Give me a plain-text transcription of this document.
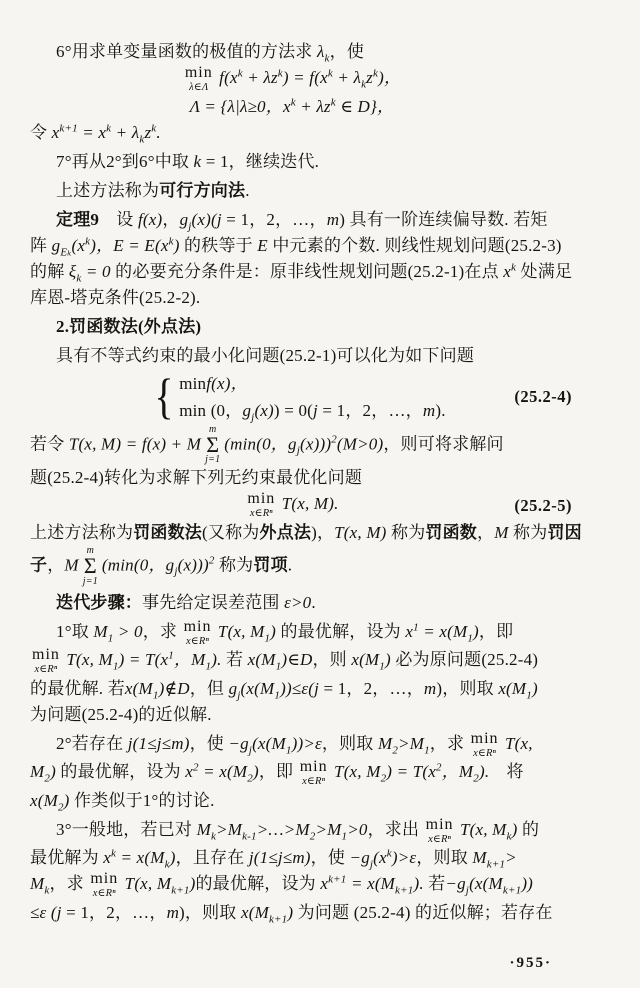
6°用求单变量函数的极值的方法求 $\lambda_k$，使
min
λ∈Λ
$f(x^k + \lambda z^k) = f(x^k + \lambda_kz^k)$，
Λ = {λ|λ≥0，$x^k + \lambda z^k$ ∈ D}，
令 $x^{k+1} = x^k + \lambda_kz^k$.
7°再从2°到6°中取 k = 1，继续迭代.
上述方法称为可行方向法.
定理9　设 f(x)，$g_j(x)(j = 1$，2，…，m) 具有一阶连续偏导数. 若矩
阵 $g_{E_k}(x^k)$，$E = E(x^k)$ 的秩等于 E 中元素的个数. 则线性规划问题(25.2-3)
的解 $\xi_k = 0$ 的必要充分条件是：原非线性规划问题(25.2-1)在点 $x^k$ 处满足
库恩-塔克条件(25.2-2).
2.罚函数法(外点法)
具有不等式约束的最小化问题(25.2-1)可以化为如下问题
{ minf(x)，
min (0，$g_j(x)) = 0(j = 1$，2，…，m).
(25.2-4)
若令 T(x, M) = f(x) + M
m
Σ
j=1
(min(0，$g_j(x)))^2(M>0)$，则可将求解问
题(25.2-4)转化为求解下列无约束最优化问题
min
x∈Rⁿ
T(x, M).	(25.2-5)
上述方法称为罚函数法(又称为外点法)，T(x, M) 称为罚函数，M 称为罚因
子，M
m
Σ
j=1
(min(0，$g_j(x)))^2$ 称为罚项.
迭代步骤：事先给定误差范围 ε>0.
1°取 $M_1 > 0$，求 min
x∈Rⁿ
T(x, $M_1$) 的最优解，设为 $x^1 = x(M_1)$，即
min
x∈Rⁿ
T(x, $M_1) = T(x^1$，$M_1$). 若 $x(M_1)\in D$，则 $x(M_1)$ 必为原问题(25.2-4)
的最优解. 若$x(M_1)\notin D$，但 $g_j(x(M_1))\le\varepsilon(j = 1$，2，…，m)，则取 $x(M_1)$
为问题(25.2-4)的近似解.
2°若存在 j(1≤j≤m)，使 $-g_j(x(M_1))>\varepsilon$，则取 $M_2>M_1$，求 min
x∈Rⁿ
T(x,
$M_2$) 的最优解，设为 $x^2 = x(M_2)$，即 min
x∈Rⁿ
T(x, $M_2) = T(x^2$，$M_2$).　将
$x(M_2)$ 作类似于1°的讨论.
3°一般地，若已对 $M_k>M_{k-1}>\dots>M_2>M_1>0$，求出 min
x∈Rⁿ
T(x, $M_k$) 的
最优解为 $x^k = x(M_k)$，且存在 j(1≤j≤m)，使 $-g_j(x^k)>\varepsilon$，则取 $M_{k+1}>$
$M_k$，求 min
x∈Rⁿ
T(x, $M_{k+1}$)的最优解，设为 $x^{k+1} = x(M_{k+1})$. 若$-g_j(x(M_{k+1}))$
≤ε (j = 1，2，…，m)，则取 $x(M_{k+1})$ 为问题 (25.2-4) 的近似解；若存在
·955·
